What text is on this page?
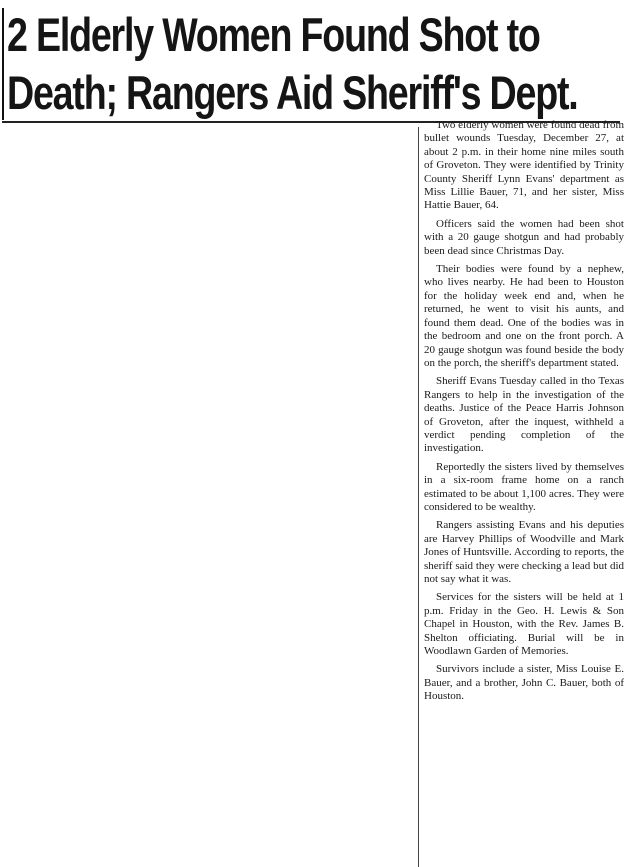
2 Elderly Women Found Shot to
Death; Rangers Aid Sheriff's Dept.

Two elderly women were found dead from bullet wounds Tuesday, December 27, at about 2 p.m. in their home nine miles south of Groveton. They were identified by Trinity County Sheriff Lynn Evans' department as Miss Lillie Bauer, 71, and her sister, Miss Hattie Bauer, 64.

Officers said the women had been shot with a 20 gauge shotgun and had probably been dead since Christmas Day.

Their bodies were found by a nephew, who lives nearby. He had been to Houston for the holiday week end and, when he returned, he went to visit his aunts, and found them dead. One of the bodies was in the bedroom and one on the front porch. A 20 gauge shotgun was found beside the body on the porch, the sheriff's department stated.

Sheriff Evans Tuesday called in tho Texas Rangers to help in the investigation of the deaths. Justice of the Peace Harris Johnson of Groveton, after the inquest, withheld a verdict pending completion of the investigation.

Reportedly the sisters lived by themselves in a six-room frame home on a ranch estimated to be about 1,100 acres. They were considered to be wealthy.

Rangers assisting Evans and his deputies are Harvey Phillips of Woodville and Mark Jones of Huntsville. According to reports, the sheriff said they were checking a lead but did not say what it was.

Services for the sisters will be held at 1 p.m. Friday in the Geo. H. Lewis & Son Chapel in Houston, with the Rev. James B. Shelton officiating. Burial will be in Woodlawn Garden of Memories.

Survivors include a sister, Miss Louise E. Bauer, and a brother, John C. Bauer, both of Houston.
